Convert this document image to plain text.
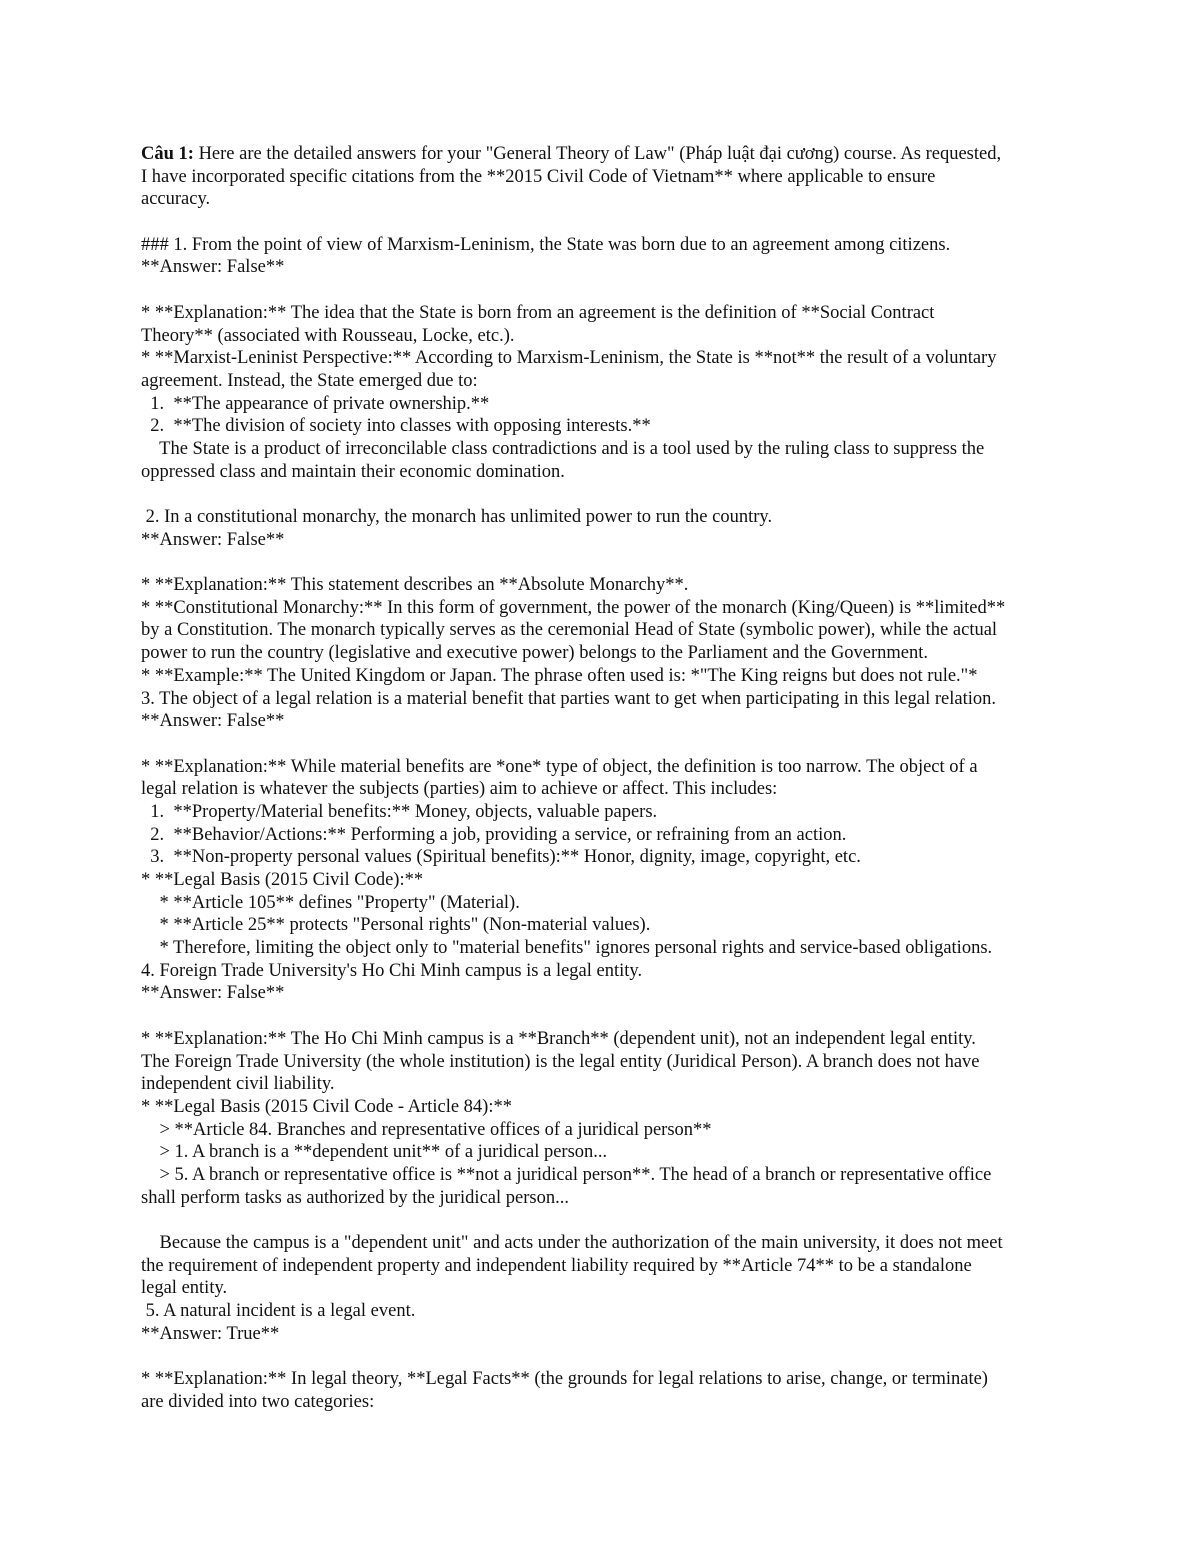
Câu 1: Here are the detailed answers for your "General Theory of Law" (Pháp luật đại cương) course. As requested,
I have incorporated specific citations from the **2015 Civil Code of Vietnam** where applicable to ensure
accuracy.
### 1. From the point of view of Marxism-Leninism, the State was born due to an agreement among citizens.
**Answer: False**
* **Explanation:** The idea that the State is born from an agreement is the definition of **Social Contract
Theory** (associated with Rousseau, Locke, etc.).
* **Marxist-Leninist Perspective:** According to Marxism-Leninism, the State is **not** the result of a voluntary
agreement. Instead, the State emerged due to:
1.  **The appearance of private ownership.**
2.  **The division of society into classes with opposing interests.**
The State is a product of irreconcilable class contradictions and is a tool used by the ruling class to suppress the
oppressed class and maintain their economic domination.
2. In a constitutional monarchy, the monarch has unlimited power to run the country.
**Answer: False**
* **Explanation:** This statement describes an **Absolute Monarchy**.
* **Constitutional Monarchy:** In this form of government, the power of the monarch (King/Queen) is **limited**
by a Constitution. The monarch typically serves as the ceremonial Head of State (symbolic power), while the actual
power to run the country (legislative and executive power) belongs to the Parliament and the Government.
* **Example:** The United Kingdom or Japan. The phrase often used is: *"The King reigns but does not rule."*
3. The object of a legal relation is a material benefit that parties want to get when participating in this legal relation.
**Answer: False**
* **Explanation:** While material benefits are *one* type of object, the definition is too narrow. The object of a
legal relation is whatever the subjects (parties) aim to achieve or affect. This includes:
1.  **Property/Material benefits:** Money, objects, valuable papers.
2.  **Behavior/Actions:** Performing a job, providing a service, or refraining from an action.
3.  **Non-property personal values (Spiritual benefits):** Honor, dignity, image, copyright, etc.
* **Legal Basis (2015 Civil Code):**
* **Article 105** defines "Property" (Material).
* **Article 25** protects "Personal rights" (Non-material values).
* Therefore, limiting the object only to "material benefits" ignores personal rights and service-based obligations.
4. Foreign Trade University's Ho Chi Minh campus is a legal entity.
**Answer: False**
* **Explanation:** The Ho Chi Minh campus is a **Branch** (dependent unit), not an independent legal entity.
The Foreign Trade University (the whole institution) is the legal entity (Juridical Person). A branch does not have
independent civil liability.
* **Legal Basis (2015 Civil Code - Article 84):**
> **Article 84. Branches and representative offices of a juridical person**
> 1. A branch is a **dependent unit** of a juridical person...
> 5. A branch or representative office is **not a juridical person**. The head of a branch or representative office
shall perform tasks as authorized by the juridical person...
Because the campus is a "dependent unit" and acts under the authorization of the main university, it does not meet
the requirement of independent property and independent liability required by **Article 74** to be a standalone
legal entity.
5. A natural incident is a legal event.
**Answer: True**
* **Explanation:** In legal theory, **Legal Facts** (the grounds for legal relations to arise, change, or terminate)
are divided into two categories:
